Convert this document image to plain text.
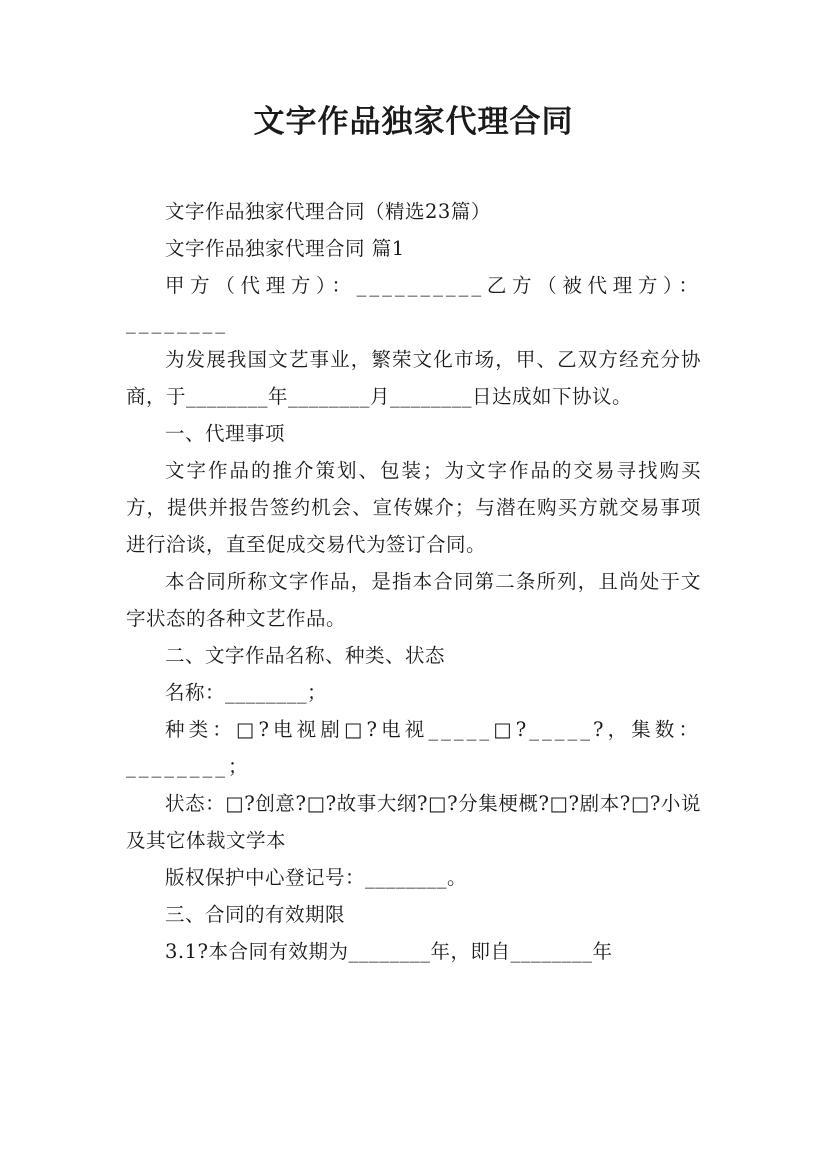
文字作品独家代理合同

文字作品独家代理合同（精选23篇）

文字作品独家代理合同 篇1

甲方（代理方）：__________乙方（被代理方）：________

为发展我国文艺事业，繁荣文化市场，甲、乙双方经充分协商，于________年________月________日达成如下协议。

一、代理事项

文字作品的推介策划、包装；为文字作品的交易寻找购买方，提供并报告签约机会、宣传媒介；与潜在购买方就交易事项进行洽谈，直至促成交易代为签订合同。

本合同所称文字作品，是指本合同第二条所列，且尚处于文字状态的各种文艺作品。

二、文字作品名称、种类、状态

名称：________；

种类：□?电视剧□?电视_____□?_____?，集数：________；

状态：□?创意?□?故事大纲?□?分集梗概?□?剧本?□?小说及其它体裁文学本

版权保护中心登记号：________。

三、合同的有效期限

3.1?本合同有效期为________年，即自________年
